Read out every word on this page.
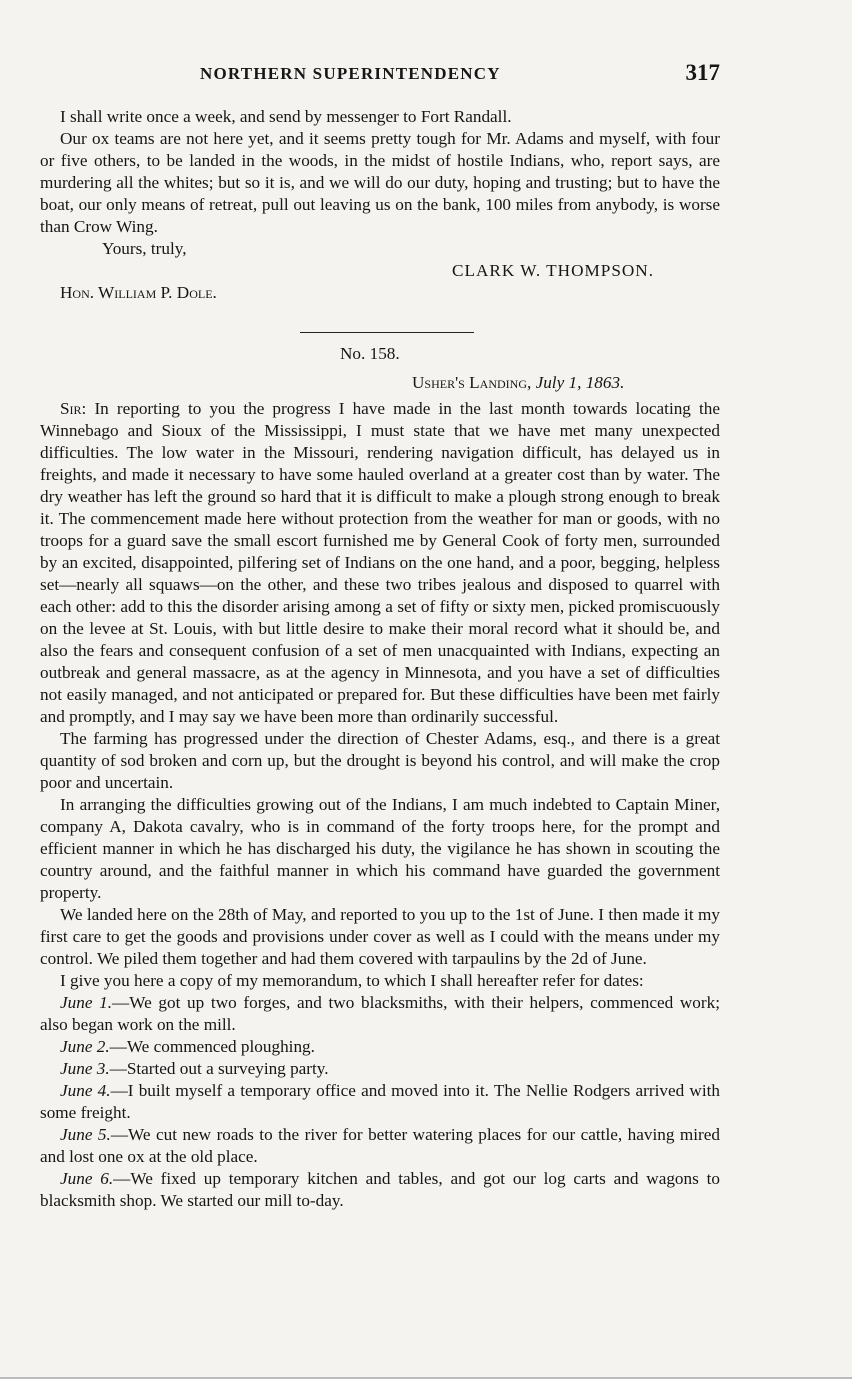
NORTHERN SUPERINTENDENCY	317

I shall write once a week, and send by messenger to Fort Randall.

Our ox teams are not here yet, and it seems pretty tough for Mr. Adams and myself, with four or five others, to be landed in the woods, in the midst of hostile Indians, who, report says, are murdering all the whites; but so it is, and we will do our duty, hoping and trusting; but to have the boat, our only means of retreat, pull out leaving us on the bank, 100 miles from anybody, is worse than Crow Wing.

Yours, truly,
CLARK W. THOMPSON.
Hon. William P. Dole.
No. 158.
Usher's Landing, July 1, 1863.

Sir: In reporting to you the progress I have made in the last month towards locating the Winnebago and Sioux of the Mississippi, I must state that we have met many unexpected difficulties. The low water in the Missouri, rendering navigation difficult, has delayed us in freights, and made it necessary to have some hauled overland at a greater cost than by water. The dry weather has left the ground so hard that it is difficult to make a plough strong enough to break it. The commencement made here without protection from the weather for man or goods, with no troops for a guard save the small escort furnished me by General Cook of forty men, surrounded by an excited, disappointed, pilfering set of Indians on the one hand, and a poor, begging, helpless set—nearly all squaws—on the other, and these two tribes jealous and disposed to quarrel with each other: add to this the disorder arising among a set of fifty or sixty men, picked promiscuously on the levee at St. Louis, with but little desire to make their moral record what it should be, and also the fears and consequent confusion of a set of men unacquainted with Indians, expecting an outbreak and general massacre, as at the agency in Minnesota, and you have a set of difficulties not easily managed, and not anticipated or prepared for. But these difficulties have been met fairly and promptly, and I may say we have been more than ordinarily successful.

The farming has progressed under the direction of Chester Adams, esq., and there is a great quantity of sod broken and corn up, but the drought is beyond his control, and will make the crop poor and uncertain.

In arranging the difficulties growing out of the Indians, I am much indebted to Captain Miner, company A, Dakota cavalry, who is in command of the forty troops here, for the prompt and efficient manner in which he has discharged his duty, the vigilance he has shown in scouting the country around, and the faithful manner in which his command have guarded the government property.

We landed here on the 28th of May, and reported to you up to the 1st of June. I then made it my first care to get the goods and provisions under cover as well as I could with the means under my control. We piled them together and had them covered with tarpaulins by the 2d of June.

I give you here a copy of my memorandum, to which I shall hereafter refer for dates:

June 1.—We got up two forges, and two blacksmiths, with their helpers, commenced work; also began work on the mill.

June 2.—We commenced ploughing.

June 3.—Started out a surveying party.

June 4.—I built myself a temporary office and moved into it. The Nellie Rodgers arrived with some freight.

June 5.—We cut new roads to the river for better watering places for our cattle, having mired and lost one ox at the old place.

June 6.—We fixed up temporary kitchen and tables, and got our log carts and wagons to blacksmith shop. We started our mill to-day.
